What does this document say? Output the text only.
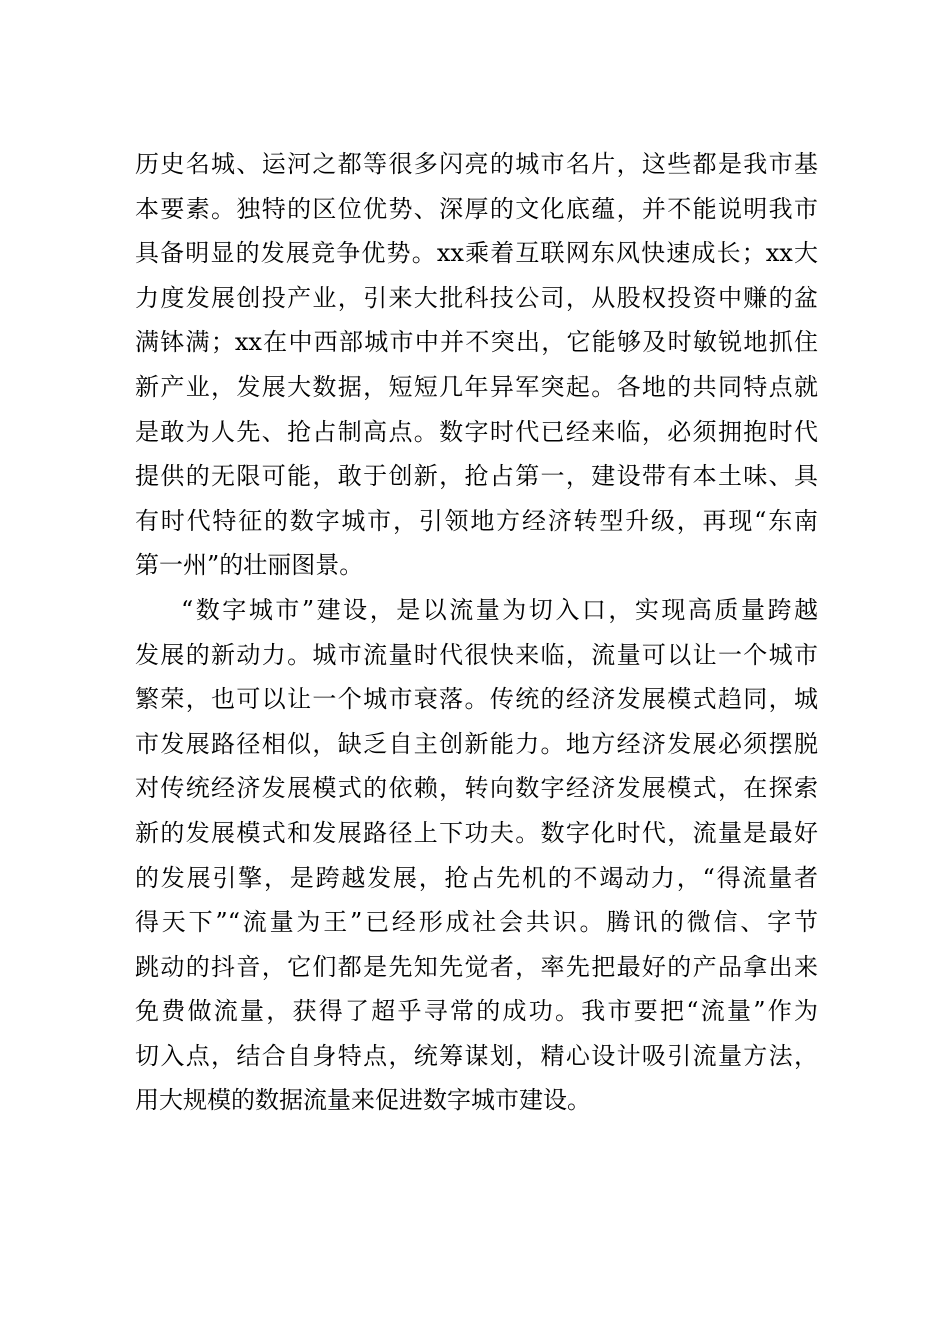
历史名城、运河之都等很多闪亮的城市名片，这些都是我市基
本要素。独特的区位优势、深厚的文化底蕴，并不能说明我市
具备明显的发展竞争优势。xx乘着互联网东风快速成长；xx大
力度发展创投产业，引来大批科技公司，从股权投资中赚的盆
满钵满；xx在中西部城市中并不突出，它能够及时敏锐地抓住
新产业，发展大数据，短短几年异军突起。各地的共同特点就
是敢为人先、抢占制高点。数字时代已经来临，必须拥抱时代
提供的无限可能，敢于创新，抢占第一，建设带有本土味、具
有时代特征的数字城市，引领地方经济转型升级，再现“东南
第一州”的壮丽图景。
“数字城市”建设，是以流量为切入口，实现高质量跨越
发展的新动力。城市流量时代很快来临，流量可以让一个城市
繁荣，也可以让一个城市衰落。传统的经济发展模式趋同，城
市发展路径相似，缺乏自主创新能力。地方经济发展必须摆脱
对传统经济发展模式的依赖，转向数字经济发展模式，在探索
新的发展模式和发展路径上下功夫。数字化时代，流量是最好
的发展引擎，是跨越发展，抢占先机的不竭动力，“得流量者
得天下”“流量为王”已经形成社会共识。腾讯的微信、字节
跳动的抖音，它们都是先知先觉者，率先把最好的产品拿出来
免费做流量，获得了超乎寻常的成功。我市要把“流量”作为
切入点，结合自身特点，统筹谋划，精心设计吸引流量方法，
用大规模的数据流量来促进数字城市建设。
